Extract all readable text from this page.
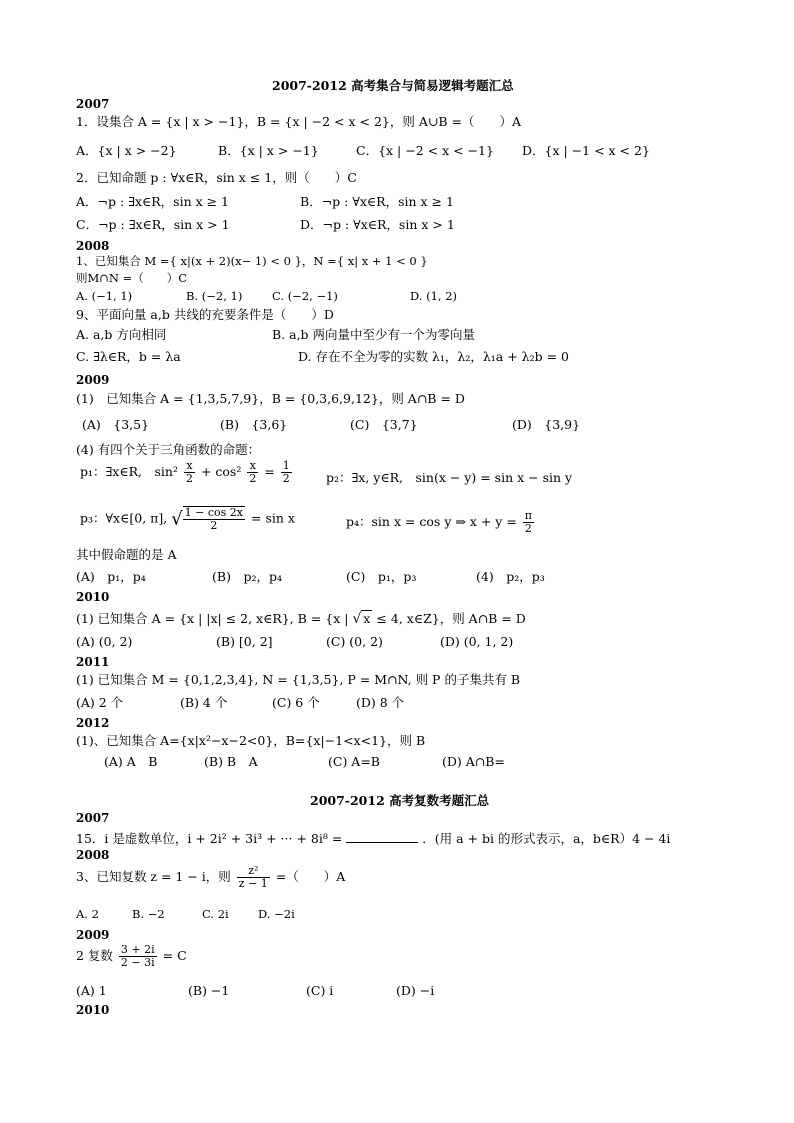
2007-2012 高考集合与简易逻辑考题汇总
2007
1．设集合 A = {x | x > −1}，B = {x | −2 < x < 2}，则 A∪B =（　　）A
A．{x | x > −2}	B．{x | x > −1}	C．{x | −2 < x < −1} D．{x | −1 < x < 2}
2．已知命题 p : ∀x∈R，sin x ≤ 1，则（　　）C
A．¬p : ∃x∈R，sin x ≥ 1	B．¬p : ∀x∈R，sin x ≥ 1
C．¬p : ∃x∈R，sin x > 1	D．¬p : ∀x∈R，sin x > 1
2008
1、已知集合 M ={ x|(x + 2)(x− 1) < 0 }，N ={ x| x + 1 < 0 }
则M∩N =（　　）C
A. (−1, 1)	B. (−2, 1)	C. (−2, −1)	D. (1, 2)
9、平面向量 a,b 共线的充要条件是（　　）D
A. a,b 方向相同	B. a,b 两向量中至少有一个为零向量
C. ∃λ∈R，b = λa	D. 存在不全为零的实数 λ₁，λ₂，λ₁a + λ₂b = 0
2009
(1)　已知集合 A = {1,3,5,7,9}，B = {0,3,6,9,12}，则 A∩B = D
(A)　{3,5}	(B)　{3,6}	(C)　{3,7}	(D)　{3,9}
(4) 有四个关于三角函数的命题：
p₁：∃x∈R,　$\sin^2 \frac{x}{2} + \cos^2 \frac{x}{2} = \frac{1}{2}$	p₂：∃x, y∈R,　sin(x − y) = sin x − sin y
p₃：∀x∈[0, π], √ $\frac{1 - \cos 2x}{2} = \sin x$	p₄：sin x = cos y ⇒ $x + y = \frac{\pi}{2}$
其中假命题的是 A
(A)　p₁，p₄	(B)　p₂，p₄	(C)　p₁，p₃	(4)　p₂，p₃
2010
(1) 已知集合 A = {x | |x| ≤ 2, x∈R}, B = {x | √ x ≤ 4, x∈Z}，则 A∩B = D
(A) (0, 2)	(B) [0, 2]	(C) (0, 2)	(D) (0, 1, 2)
2011
(1) 已知集合 M = {0,1,2,3,4}, N = {1,3,5}, P = M∩N, 则 P 的子集共有 B
(A) 2 个	(B) 4 个	(C) 6 个	(D) 8 个
2012
(1)、已知集合 A={x|x²−x−2<0}，B={x|−1<x<1}，则 B
(A) A　B	(B) B　A	(C) A=B	(D) A∩B=
2007-2012 高考复数考题汇总
2007
15．i 是虚数单位，i + 2i² + 3i³ + ··· + 8i⁸ =	．(用 a + bi 的形式表示，a，b∈R）4 − 4i
2008
3、已知复数 z = 1 − i，则 $\frac{\text{z²}}{z - 1}$ =（　　）A
A. 2	B. −2	C. 2i	D. −2i
2009
2 复数 $\frac{3 + 2i}{2 - 3i} = C$
(A) 1	(B) −1	(C) i	(D) −i
2010
